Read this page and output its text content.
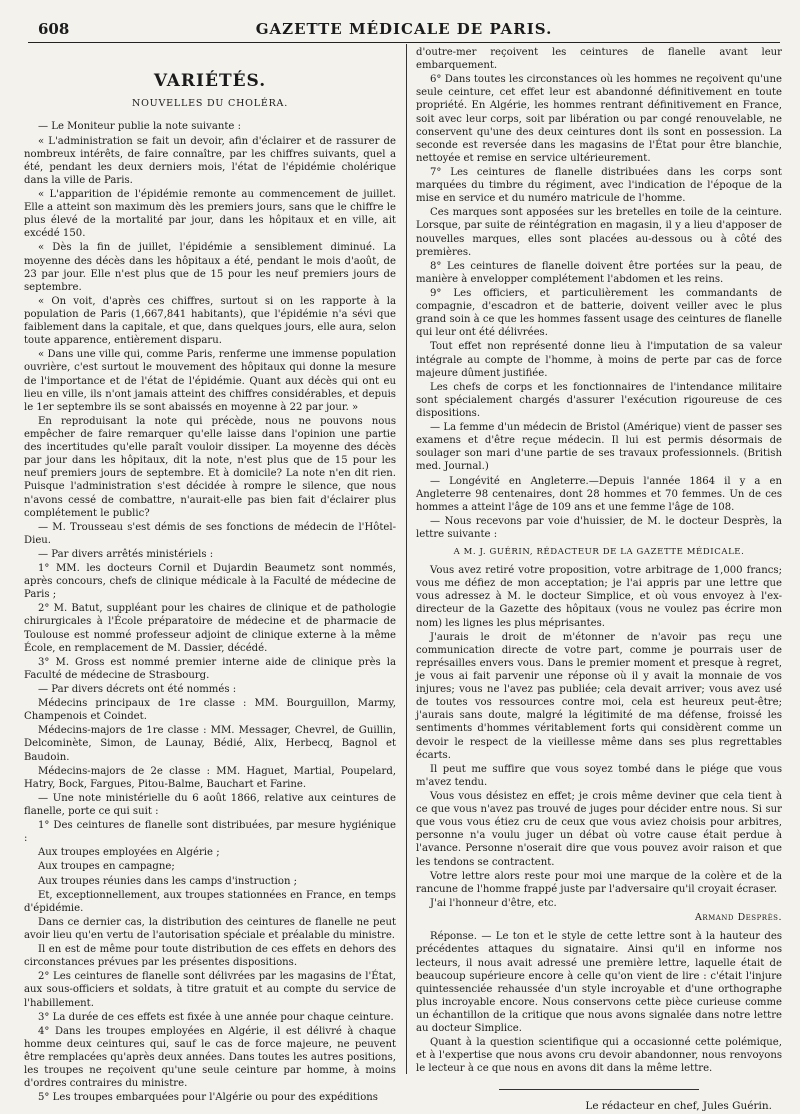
608	GAZETTE MÉDICALE DE PARIS.
VARIÉTÉS.
NOUVELLES DU CHOLÉRA.

— Le Moniteur publie la note suivante :

« L'administration se fait un devoir, afin d'éclairer et de rassurer de nombreux intérêts, de faire connaître, par les chiffres suivants, quel a été, pendant les deux derniers mois, l'état de l'épidémie cholérique dans la ville de Paris.

« L'apparition de l'épidémie remonte au commencement de juillet. Elle a atteint son maximum dès les premiers jours, sans que le chiffre le plus élevé de la mortalité par jour, dans les hôpitaux et en ville, ait excédé 150.

« Dès la fin de juillet, l'épidémie a sensiblement diminué. La moyenne des décès dans les hôpitaux a été, pendant le mois d'août, de 23 par jour. Elle n'est plus que de 15 pour les neuf premiers jours de septembre.

« On voit, d'après ces chiffres, surtout si on les rapporte à la population de Paris (1,667,841 habitants), que l'épidémie n'a sévi que faiblement dans la capitale, et que, dans quelques jours, elle aura, selon toute apparence, entièrement disparu.

« Dans une ville qui, comme Paris, renferme une immense population ouvrière, c'est surtout le mouvement des hôpitaux qui donne la mesure de l'importance et de l'état de l'épidémie. Quant aux décès qui ont eu lieu en ville, ils n'ont jamais atteint des chiffres considérables, et depuis le 1er septembre ils se sont abaissés en moyenne à 22 par jour. »

En reproduisant la note qui précède, nous ne pouvons nous empêcher de faire remarquer qu'elle laisse dans l'opinion une partie des incertitudes qu'elle paraît vouloir dissiper. La moyenne des décès par jour dans les hôpitaux, dit la note, n'est plus que de 15 pour les neuf premiers jours de septembre. Et à domicile? La note n'en dit rien. Puisque l'administration s'est décidée à rompre le silence, que nous n'avons cessé de combattre, n'aurait-elle pas bien fait d'éclairer plus complétement le public?

— M. Trousseau s'est démis de ses fonctions de médecin de l'Hôtel-Dieu.

— Par divers arrêtés ministériels :

1° MM. les docteurs Cornil et Dujardin Beaumetz sont nommés, après concours, chefs de clinique médicale à la Faculté de médecine de Paris ;

2° M. Batut, suppléant pour les chaires de clinique et de pathologie chirurgicales à l'École préparatoire de médecine et de pharmacie de Toulouse est nommé professeur adjoint de clinique externe à la même École, en remplacement de M. Dassier, décédé.

3° M. Gross est nommé premier interne aide de clinique près la Faculté de médecine de Strasbourg.

— Par divers décrets ont été nommés :

Médecins principaux de 1re classe : MM. Bourguillon, Marmy, Champenois et Coindet.

Médecins-majors de 1re classe : MM. Messager, Chevrel, de Guillin, Delcominète, Simon, de Launay, Bédié, Alix, Herbecq, Bagnol et Baudoin.

Médecins-majors de 2e classe : MM. Haguet, Martial, Poupelard, Hatry, Bock, Fargues, Pitou-Balme, Bauchart et Farine.

— Une note ministérielle du 6 août 1866, relative aux ceintures de flanelle, porte ce qui suit :

1° Des ceintures de flanelle sont distribuées, par mesure hygiénique :

Aux troupes employées en Algérie ;

Aux troupes en campagne;

Aux troupes réunies dans les camps d'instruction ;

Et, exceptionnellement, aux troupes stationnées en France, en temps d'épidémie.

Dans ce dernier cas, la distribution des ceintures de flanelle ne peut avoir lieu qu'en vertu de l'autorisation spéciale et préalable du ministre.

Il en est de même pour toute distribution de ces effets en dehors des circonstances prévues par les présentes dispositions.

2° Les ceintures de flanelle sont délivrées par les magasins de l'État, aux sous-officiers et soldats, à titre gratuit et au compte du service de l'habillement.

3° La durée de ces effets est fixée à une année pour chaque ceinture.

4° Dans les troupes employées en Algérie, il est délivré à chaque homme deux ceintures qui, sauf le cas de force majeure, ne peuvent être remplacées qu'après deux années. Dans toutes les autres positions, les troupes ne reçoivent qu'une seule ceinture par homme, à moins d'ordres contraires du ministre.

5° Les troupes embarquées pour l'Algérie ou pour des expéditions

d'outre-mer reçoivent les ceintures de flanelle avant leur embarquement.

6° Dans toutes les circonstances où les hommes ne reçoivent qu'une seule ceinture, cet effet leur est abandonné définitivement en toute propriété. En Algérie, les hommes rentrant définitivement en France, soit avec leur corps, soit par libération ou par congé renouvelable, ne conservent qu'une des deux ceintures dont ils sont en possession. La seconde est reversée dans les magasins de l'État pour être blanchie, nettoyée et remise en service ultérieurement.

7° Les ceintures de flanelle distribuées dans les corps sont marquées du timbre du régiment, avec l'indication de l'époque de la mise en service et du numéro matricule de l'homme.

Ces marques sont apposées sur les bretelles en toile de la ceinture. Lorsque, par suite de réintégration en magasin, il y a lieu d'apposer de nouvelles marques, elles sont placées au-dessous ou à côté des premières.

8° Les ceintures de flanelle doivent être portées sur la peau, de manière à envelopper complétement l'abdomen et les reins.

9° Les officiers, et particulièrement les commandants de compagnie, d'escadron et de batterie, doivent veiller avec le plus grand soin à ce que les hommes fassent usage des ceintures de flanelle qui leur ont été délivrées.

Tout effet non représenté donne lieu à l'imputation de sa valeur intégrale au compte de l'homme, à moins de perte par cas de force majeure dûment justifiée.

Les chefs de corps et les fonctionnaires de l'intendance militaire sont spécialement chargés d'assurer l'exécution rigoureuse de ces dispositions.

— La femme d'un médecin de Bristol (Amérique) vient de passer ses examens et d'être reçue médecin. Il lui est permis désormais de soulager son mari d'une partie de ses travaux professionnels. (British med. Journal.)

— Longévité en Angleterre.—Depuis l'année 1864 il y a en Angleterre 98 centenaires, dont 28 hommes et 70 femmes. Un de ces hommes a atteint l'âge de 109 ans et une femme l'âge de 108.

— Nous recevons par voie d'huissier, de M. le docteur Desprès, la lettre suivante :

A M. J. GUÉRIN, RÉDACTEUR DE LA GAZETTE MÉDICALE.

Vous avez retiré votre proposition, votre arbitrage de 1,000 francs; vous me défiez de mon acceptation; je l'ai appris par une lettre que vous adressez à M. le docteur Simplice, et où vous envoyez à l'ex-directeur de la Gazette des hôpitaux (vous ne voulez pas écrire mon nom) les lignes les plus méprisantes.

J'aurais le droit de m'étonner de n'avoir pas reçu une communication directe de votre part, comme je pourrais user de représailles envers vous. Dans le premier moment et presque à regret, je vous ai fait parvenir une réponse où il y avait la monnaie de vos injures; vous ne l'avez pas publiée; cela devait arriver; vous avez usé de toutes vos ressources contre moi, cela est heureux peut-être; j'aurais sans doute, malgré la légitimité de ma défense, froissé les sentiments d'hommes véritablement forts qui considèrent comme un devoir le respect de la vieillesse même dans ses plus regrettables écarts.

Il peut me suffire que vous soyez tombé dans le piége que vous m'avez tendu.

Vous vous désistez en effet; je crois même deviner que cela tient à ce que vous n'avez pas trouvé de juges pour décider entre nous. Si sur que vous vous étiez cru de ceux que vous aviez choisis pour arbitres, personne n'a voulu juger un débat où votre cause était perdue à l'avance. Personne n'oserait dire que vous pouvez avoir raison et que les tendons se contractent.

Votre lettre alors reste pour moi une marque de la colère et de la rancune de l'homme frappé juste par l'adversaire qu'il croyait écraser.

J'ai l'honneur d'être, etc.

Armand Desprès.

Réponse. — Le ton et le style de cette lettre sont à la hauteur des précédentes attaques du signataire. Ainsi qu'il en informe nos lecteurs, il nous avait adressé une première lettre, laquelle était de beaucoup supérieure encore à celle qu'on vient de lire : c'était l'injure quintessenciée rehaussée d'un style incroyable et d'une orthographe plus incroyable encore. Nous conservons cette pièce curieuse comme un échantillon de la critique que nous avons signalée dans notre lettre au docteur Simplice.

Quant à la question scientifique qui a occasionné cette polémique, et à l'expertise que nous avons cru devoir abandonner, nous renvoyons le lecteur à ce que nous en avons dit dans la même lettre.

Le rédacteur en chef, Jules Guérin.
